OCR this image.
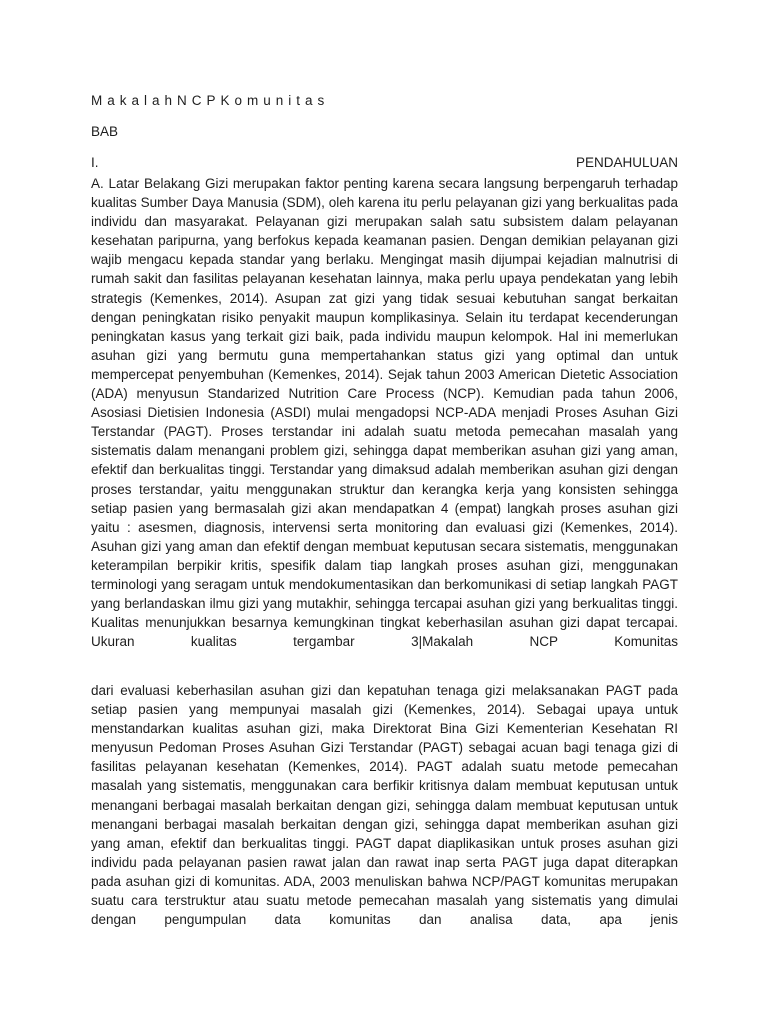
MakalahNCPKomunitas
BAB
I.	PENDAHULUAN
A. Latar Belakang Gizi merupakan faktor penting karena secara langsung berpengaruh terhadap kualitas Sumber Daya Manusia (SDM), oleh karena itu perlu pelayanan gizi yang berkualitas pada individu dan masyarakat. Pelayanan gizi merupakan salah satu subsistem dalam pelayanan kesehatan paripurna, yang berfokus kepada keamanan pasien. Dengan demikian pelayanan gizi wajib mengacu kepada standar yang berlaku. Mengingat masih dijumpai kejadian malnutrisi di rumah sakit dan fasilitas pelayanan kesehatan lainnya, maka perlu upaya pendekatan yang lebih strategis (Kemenkes, 2014). Asupan zat gizi yang tidak sesuai kebutuhan sangat berkaitan dengan peningkatan risiko penyakit maupun komplikasinya. Selain itu terdapat kecenderungan peningkatan kasus yang terkait gizi baik, pada individu maupun kelompok. Hal ini memerlukan asuhan gizi yang bermutu guna mempertahankan status gizi yang optimal dan untuk mempercepat penyembuhan (Kemenkes, 2014). Sejak tahun 2003 American Dietetic Association (ADA) menyusun Standarized Nutrition Care Process (NCP). Kemudian pada tahun 2006, Asosiasi Dietisien Indonesia (ASDI) mulai mengadopsi NCP-ADA menjadi Proses Asuhan Gizi Terstandar (PAGT). Proses terstandar ini adalah suatu metoda pemecahan masalah yang sistematis dalam menangani problem gizi, sehingga dapat memberikan asuhan gizi yang aman, efektif dan berkualitas tinggi. Terstandar yang dimaksud adalah memberikan asuhan gizi dengan proses terstandar, yaitu menggunakan struktur dan kerangka kerja yang konsisten sehingga setiap pasien yang bermasalah gizi akan mendapatkan 4 (empat) langkah proses asuhan gizi yaitu : asesmen, diagnosis, intervensi serta monitoring dan evaluasi gizi (Kemenkes, 2014). Asuhan gizi yang aman dan efektif dengan membuat keputusan secara sistematis, menggunakan keterampilan berpikir kritis, spesifik dalam tiap langkah proses asuhan gizi, menggunakan terminologi yang seragam untuk mendokumentasikan dan berkomunikasi di setiap langkah PAGT yang berlandaskan ilmu gizi yang mutakhir, sehingga tercapai asuhan gizi yang berkualitas tinggi. Kualitas menunjukkan besarnya kemungkinan tingkat keberhasilan asuhan gizi dapat tercapai. Ukuran kualitas tergambar 3|Makalah NCP Komunitas
dari evaluasi keberhasilan asuhan gizi dan kepatuhan tenaga gizi melaksanakan PAGT pada setiap pasien yang mempunyai masalah gizi (Kemenkes, 2014). Sebagai upaya untuk menstandarkan kualitas asuhan gizi, maka Direktorat Bina Gizi Kementerian Kesehatan RI menyusun Pedoman Proses Asuhan Gizi Terstandar (PAGT) sebagai acuan bagi tenaga gizi di fasilitas pelayanan kesehatan (Kemenkes, 2014). PAGT adalah suatu metode pemecahan masalah yang sistematis, menggunakan cara berfikir kritisnya dalam membuat keputusan untuk menangani berbagai masalah berkaitan dengan gizi, sehingga dalam membuat keputusan untuk menangani berbagai masalah berkaitan dengan gizi, sehingga dapat memberikan asuhan gizi yang aman, efektif dan berkualitas tinggi. PAGT dapat diaplikasikan untuk proses asuhan gizi individu pada pelayanan pasien rawat jalan dan rawat inap serta PAGT juga dapat diterapkan pada asuhan gizi di komunitas. ADA, 2003 menuliskan bahwa NCP/PAGT komunitas merupakan suatu cara terstruktur atau suatu metode pemecahan masalah yang sistematis yang dimulai dengan pengumpulan data komunitas dan analisa data, apa jenis
